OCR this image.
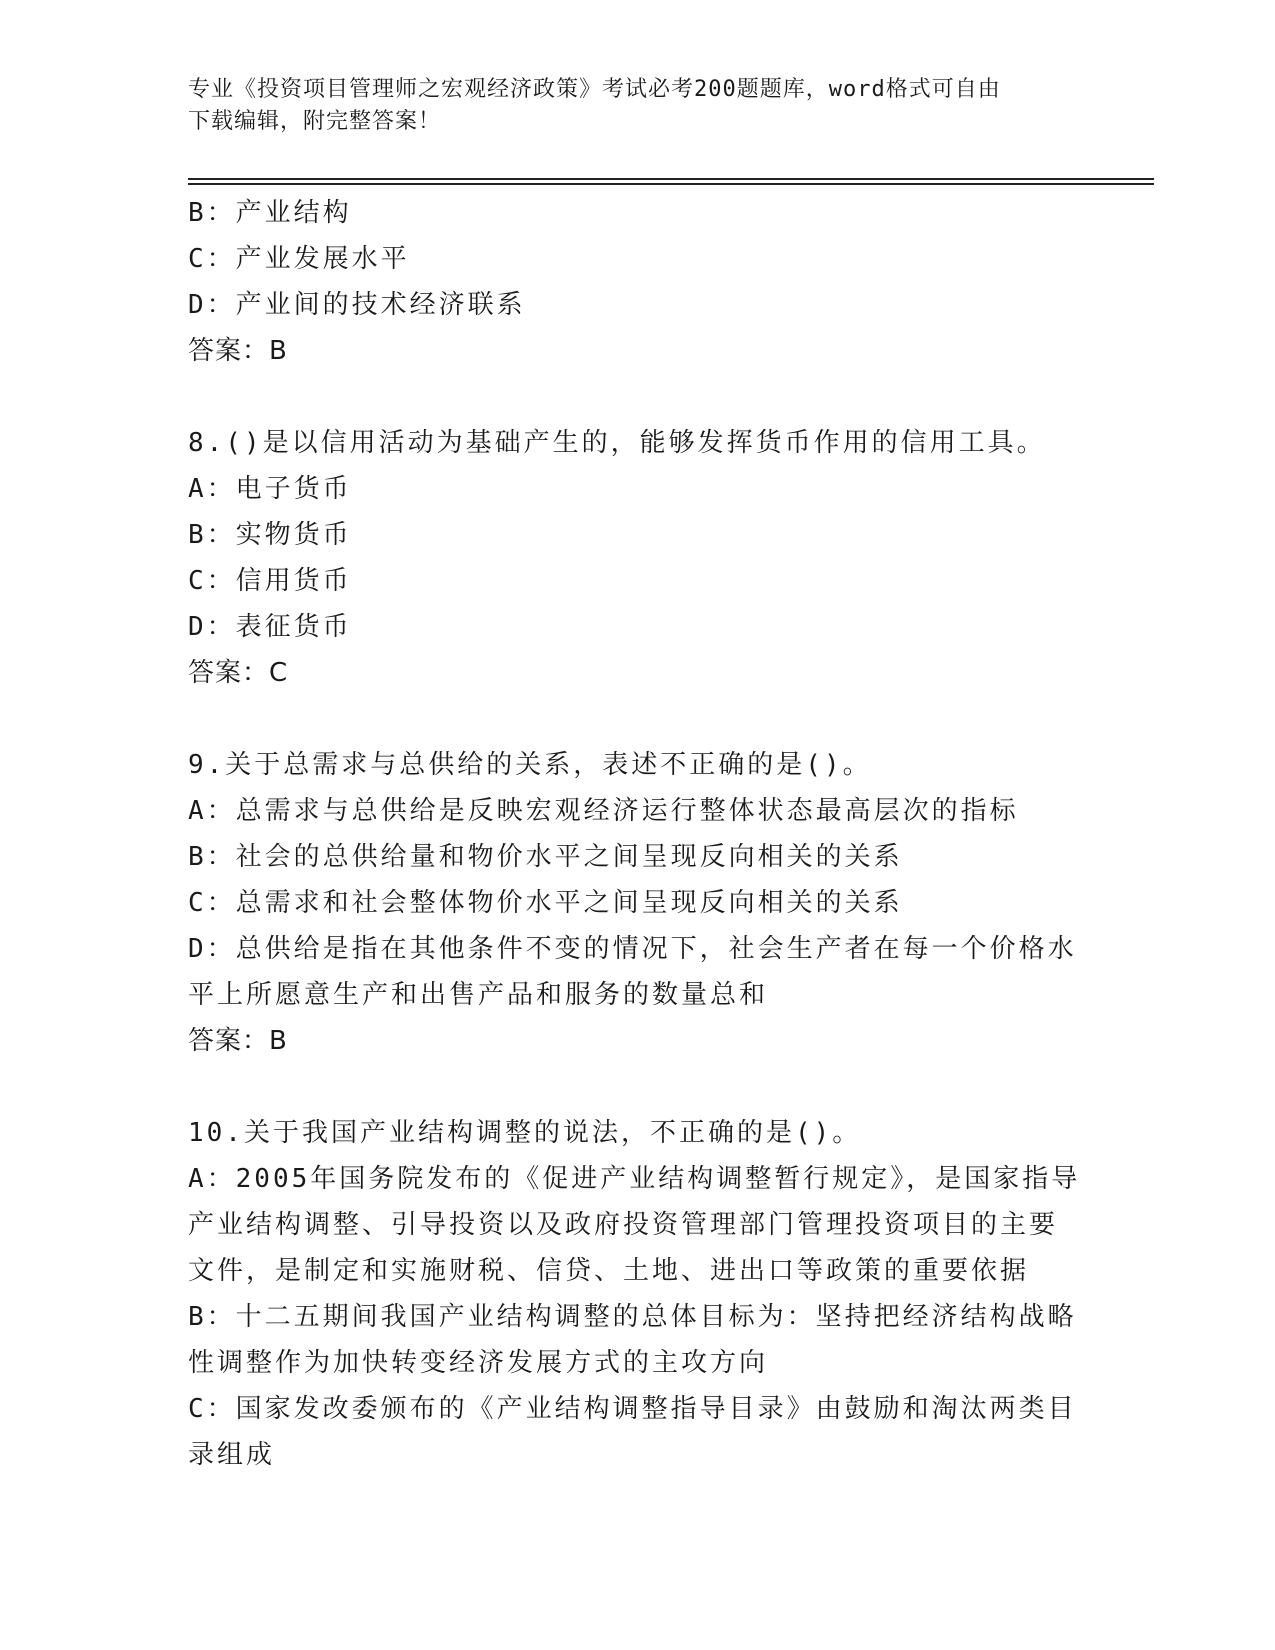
专业《投资项目管理师之宏观经济政策》考试必考200题题库，word格式可自由
下载编辑，附完整答案！
B：产业结构
C：产业发展水平
D：产业间的技术经济联系
答案：B
8.()是以信用活动为基础产生的，能够发挥货币作用的信用工具。
A：电子货币
B：实物货币
C：信用货币
D：表征货币
答案：C
9.关于总需求与总供给的关系，表述不正确的是()。
A：总需求与总供给是反映宏观经济运行整体状态最高层次的指标
B：社会的总供给量和物价水平之间呈现反向相关的关系
C：总需求和社会整体物价水平之间呈现反向相关的关系
D：总供给是指在其他条件不变的情况下，社会生产者在每一个价格水
平上所愿意生产和出售产品和服务的数量总和
答案：B
10.关于我国产业结构调整的说法，不正确的是()。
A：2005年国务院发布的《促进产业结构调整暂行规定》，是国家指导
产业结构调整、引导投资以及政府投资管理部门管理投资项目的主要
文件，是制定和实施财税、信贷、土地、进出口等政策的重要依据
B：十二五期间我国产业结构调整的总体目标为：坚持把经济结构战略
性调整作为加快转变经济发展方式的主攻方向
C：国家发改委颁布的《产业结构调整指导目录》由鼓励和淘汰两类目
录组成
